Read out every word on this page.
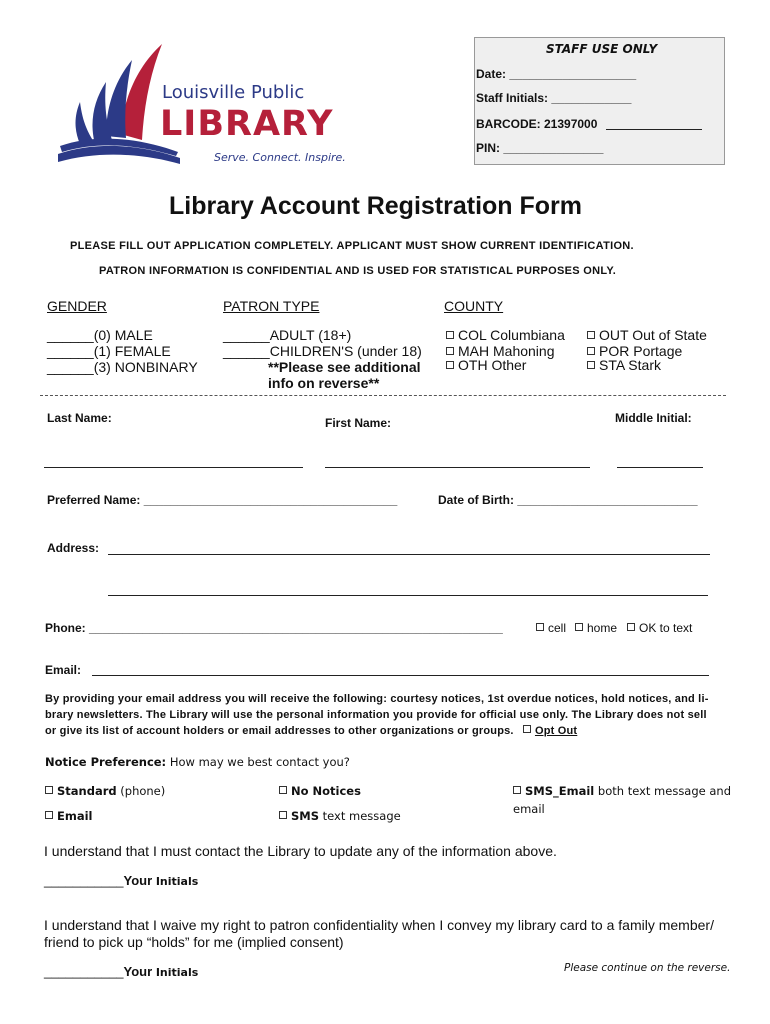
Louisville Public
LIBRARY
Serve. Connect. Inspire.
STAFF USE ONLY
Date: ___________________
Staff Initials: ____________
BARCODE: 21397000
PIN: _______________
Library Account Registration Form
PLEASE FILL OUT APPLICATION COMPLETELY. APPLICANT MUST SHOW CURRENT IDENTIFICATION.
PATRON INFORMATION IS CONFIDENTIAL AND IS USED FOR STATISTICAL PURPOSES ONLY.
GENDER	PATRON TYPE	COUNTY
______(0) MALE
______(1) FEMALE
______(3) NONBINARY
______ADULT (18+)
______CHILDREN'S (under 18)
**Please see additional
info on reverse**
COL Columbiana
MAH Mahoning
OTH Other
OUT Out of State
POR Portage
STA Stark
Last Name:	First Name:	Middle Initial:
Preferred Name: ______________________________________	Date of Birth: ___________________________
Address:
Phone: ______________________________________________________________	cell	home	OK to text
Email:
By providing your email address you will receive the following: courtesy notices, 1st overdue notices, hold notices, and li-
brary newsletters. The Library will use the personal information you provide for official use only. The Library does not sell
or give its list of account holders or email addresses to other organizations or groups. Opt Out
Notice Preference: How may we best contact you?
Standard (phone)
Email
No Notices
SMS text message
SMS_Email both text message and
email
I understand that I must contact the Library to update any of the information above.
___________Your Initials
I understand that I waive my right to patron confidentiality when I convey my library card to a family member/
friend to pick up “holds” for me (implied consent)
___________Your Initials	Please continue on the reverse.
